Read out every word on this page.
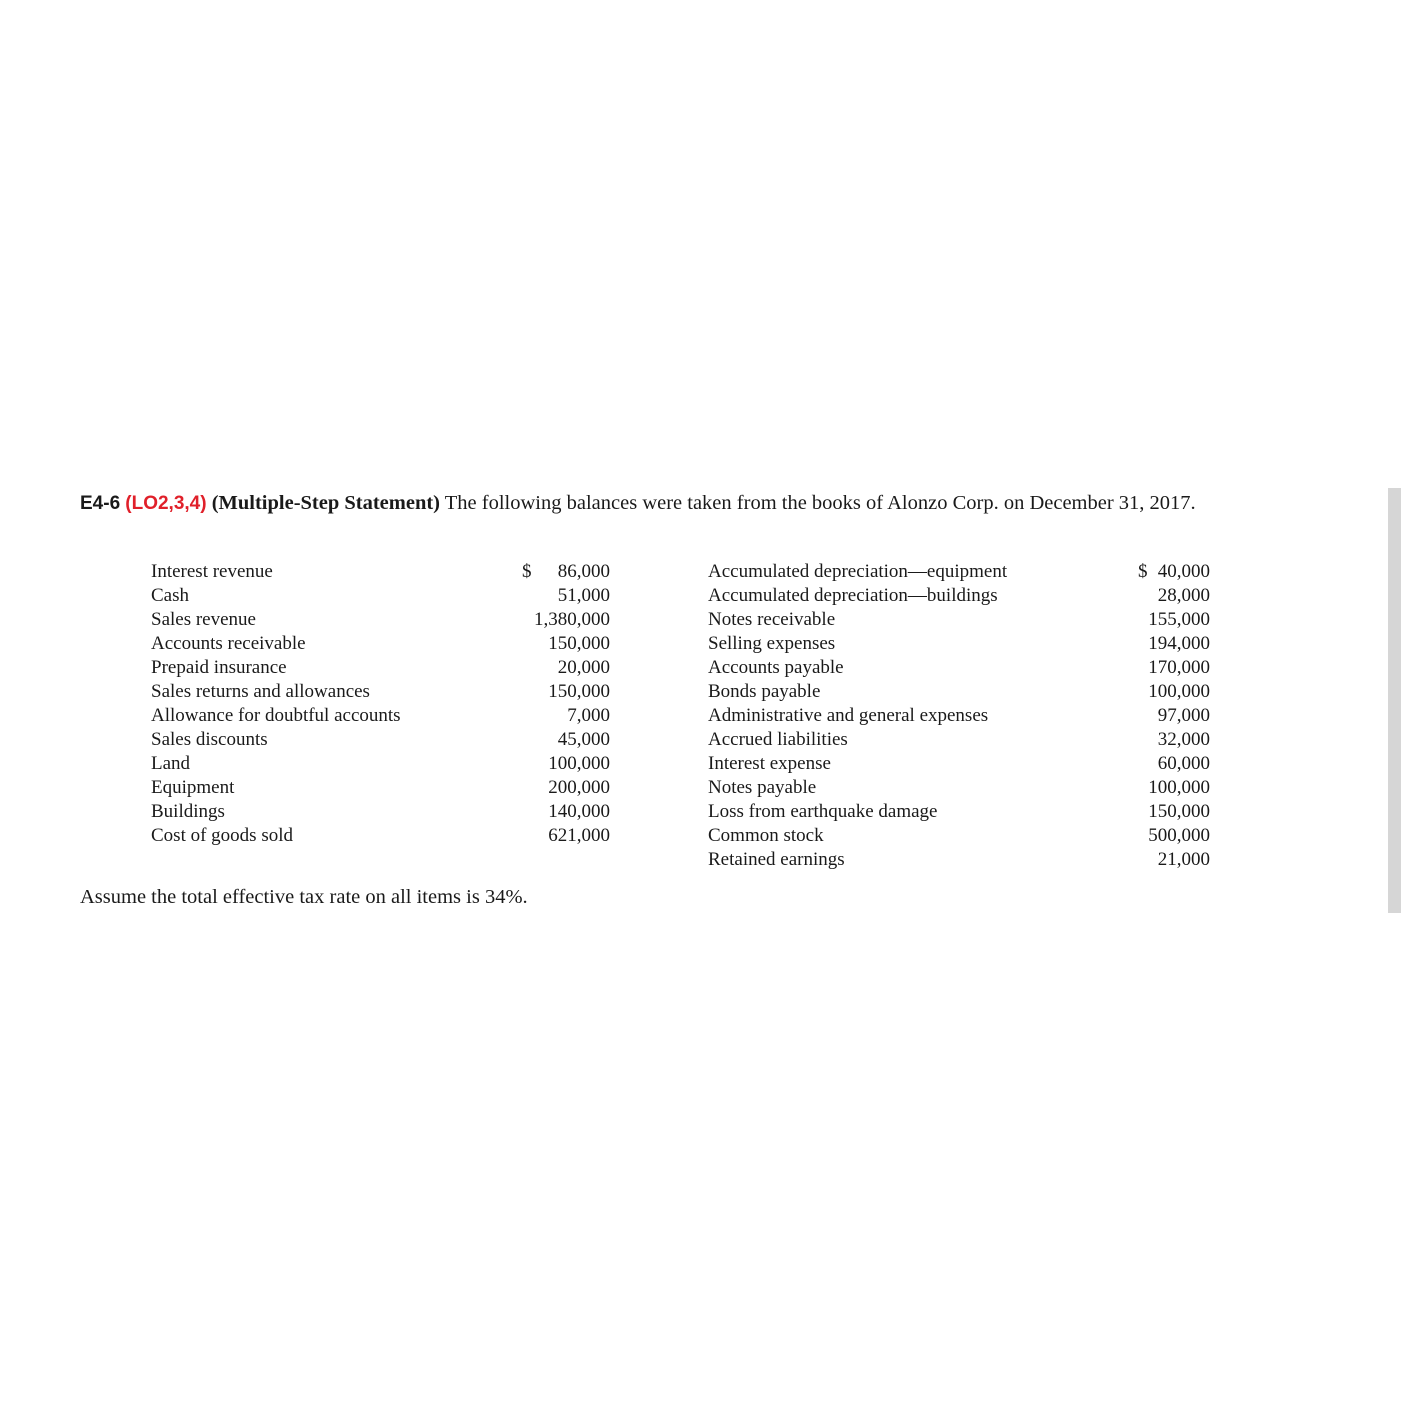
E4-6 (LO2,3,4) (Multiple-Step Statement) The following balances were taken from the books of Alonzo Corp. on December 31, 2017.
Interest revenue	$ 86,000
Cash	51,000
Sales revenue	1,380,000
Accounts receivable	150,000
Prepaid insurance	20,000
Sales returns and allowances	150,000
Allowance for doubtful accounts	7,000
Sales discounts	45,000
Land	100,000
Equipment	200,000
Buildings	140,000
Cost of goods sold	621,000
Accumulated depreciation—equipment	$ 40,000
Accumulated depreciation—buildings	28,000
Notes receivable	155,000
Selling expenses	194,000
Accounts payable	170,000
Bonds payable	100,000
Administrative and general expenses	97,000
Accrued liabilities	32,000
Interest expense	60,000
Notes payable	100,000
Loss from earthquake damage	150,000
Common stock	500,000
Retained earnings	21,000
Assume the total effective tax rate on all items is 34%.
